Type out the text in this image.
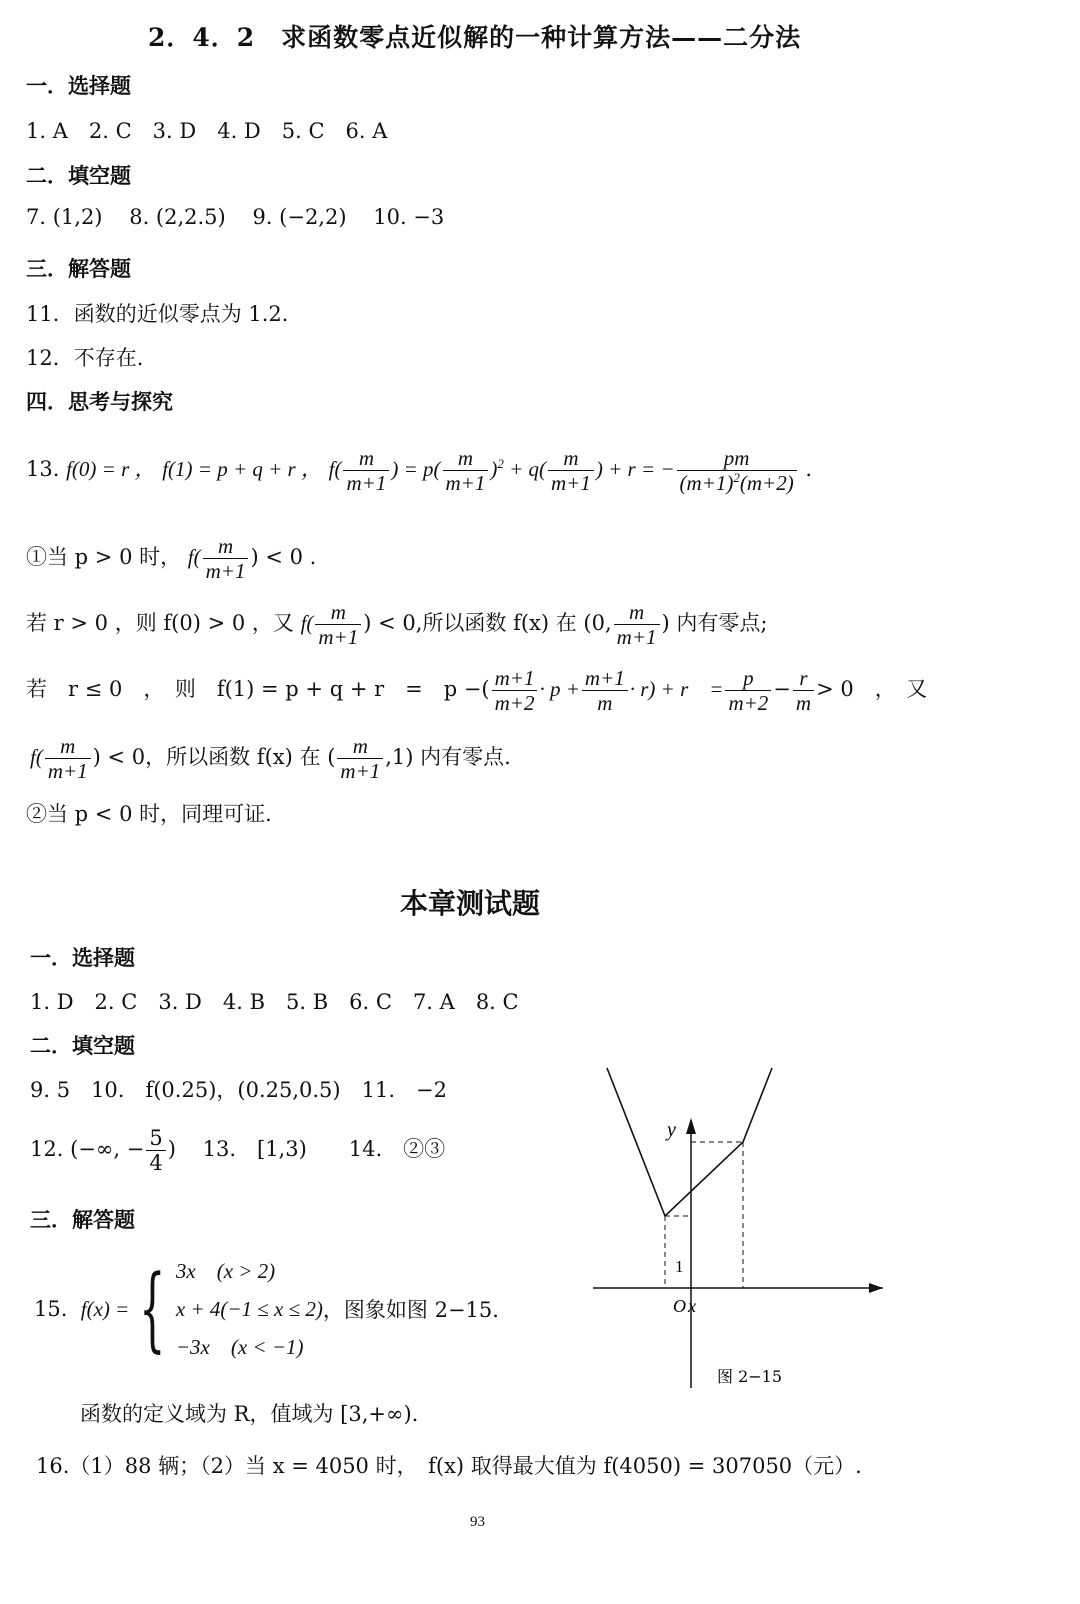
2．4．2　求函数零点近似解的一种计算方法——二分法
一．选择题
1. A　2. C　3. D　4. D　5. C　6. A
二．填空题
7. (1,2) 8. (2,2.5) 9. (−2,2) 10. −3
三．解答题
11．函数的近似零点为 1.2.
12．不存在.
四．思考与探究
13. f(0) = r ， f(1) = p + q + r ， $f( \frac{m}{m+1}$ ) = $p( \frac{m}{m+1} )^2 + q( \frac{m}{m+1}$ ) + r = − $\frac{pm}{(m+1)^2(m+2)}$ .
①当 p > 0 时， $f( \frac{m}{m+1}$ ) < 0 .
若 r > 0 ，则 f(0) > 0 ，又 $f( \frac{m}{m+1}$ ) < 0,所以函数 f(x) 在 (0, $\frac{m}{m+1}$ ) 内有零点;
若　r ≤ 0　，　则　f(1) = p + q + r　=　p −( $\frac{m+1}{m+2} \cdot p + \frac{m+1}{m} \cdot r) + r$　= $\frac{p}{m+2} - \frac{r}{m} > 0$　，　又
$f( \frac{m}{m+1}$ ) < 0，所以函数 f(x) 在 ( $\frac{m}{m+1} ,1$) 内有零点.
②当 p < 0 时，同理可证.
本章测试题
一．选择题
1. D　2. C　3. D　4. B　5. B　6. C　7. A　8. C
二．填空题
9. 5　10.　f(0.25)，(0.25,0.5)　11.　−2
12. (−∞, − $\frac{5}{4}$ ) 13.　[1,3)　　14.　②③
三．解答题
15.
f(x) = { 3x　(x > 2)
x + 4(−1 ≤ x ≤ 2)
−3x　(x < −1)
，图象如图 2−15.
函数的定义域为 R，值域为 [3,+∞).
16.（1）88 辆；（2）当 x = 4050 时，　f(x) 取得最大值为 f(4050) = 307050（元）.
y
1
O x
图 2−15
93
